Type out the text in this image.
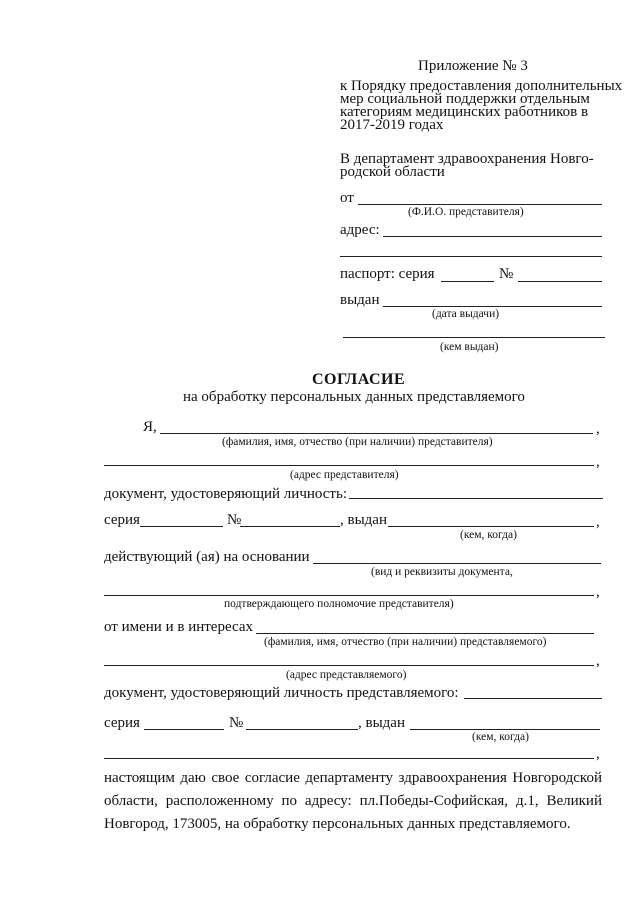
Приложение № 3
к Порядку предоставления дополнительных
мер социальной поддержки отдельным
категориям медицинских работников в
2017-2019 годах
В департамент здравоохранения Новго-
родской области
от
(Ф.И.О. представителя)
адрес:
паспорт: серия	№
выдан
(дата выдачи)
(кем выдан)
СОГЛАСИЕ
на обработку персональных данных представляемого
Я,	,
(фамилия, имя, отчество (при наличии) представителя)
,
(адрес представителя)
документ, удостоверяющий личность:
серия	№	, выдан	,
(кем, когда)
действующий (ая) на основании
(вид и реквизиты документа,
,
подтверждающего полномочие представителя)
от имени и в интересах
(фамилия, имя, отчество (при наличии) представляемого)
,
(адрес представляемого)
документ, удостоверяющий личность представляемого:
серия	№	, выдан
(кем, когда)
,
настоящим даю свое согласие департаменту здравоохранения Новгородской области, расположенному по адресу: пл.Победы-Софийская, д.1, Великий Новгород, 173005, на обработку персональных данных представляемого.
